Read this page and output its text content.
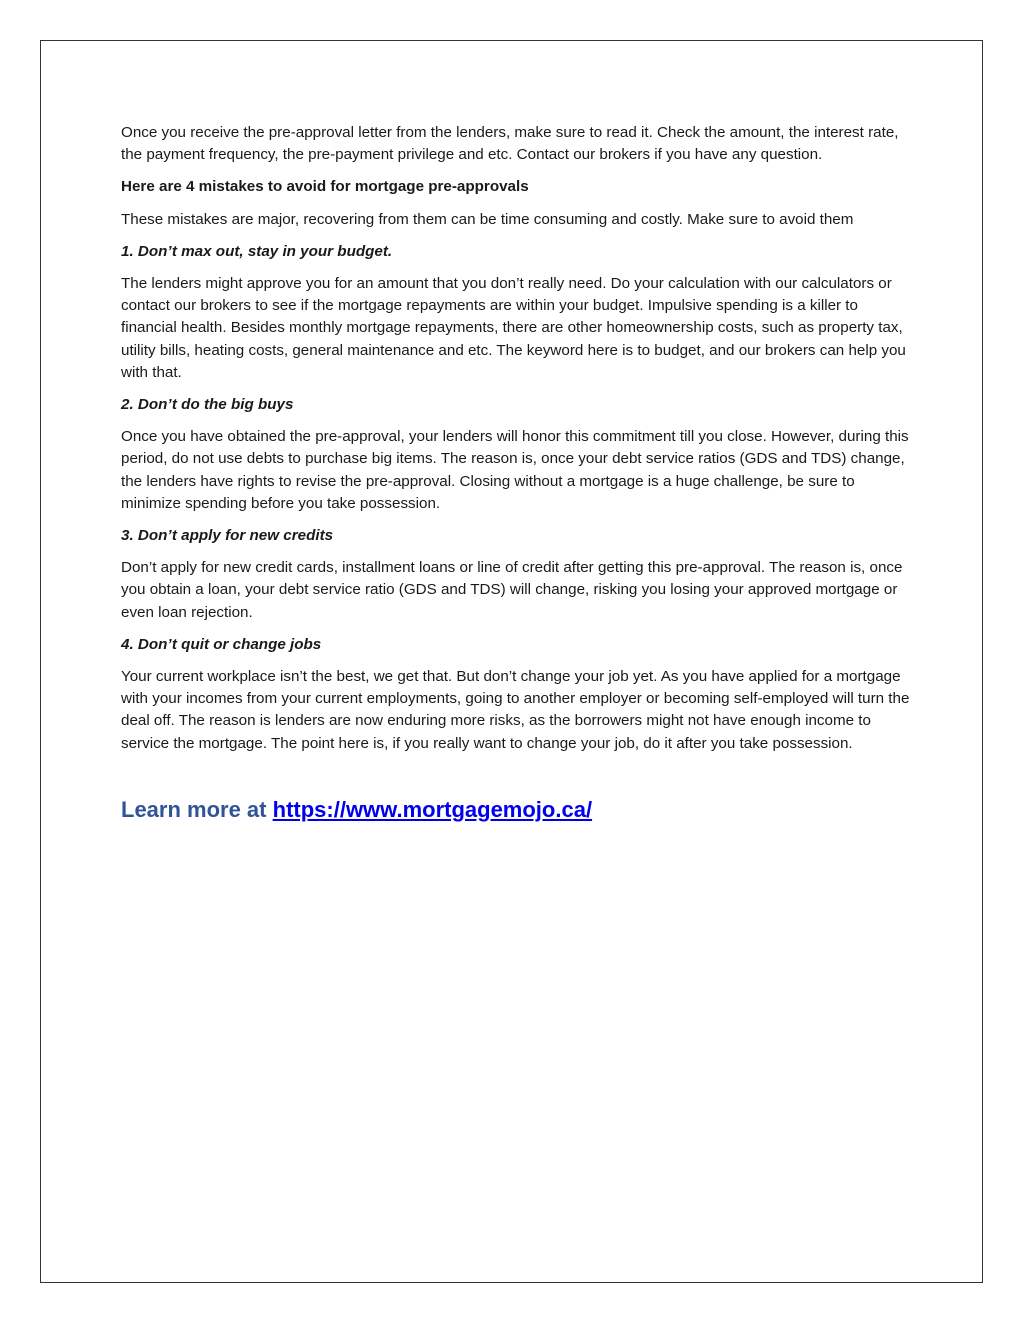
Once you receive the pre-approval letter from the lenders, make sure to read it. Check the amount, the interest rate, the payment frequency, the pre-payment privilege and etc. Contact our brokers if you have any question.

Here are 4 mistakes to avoid for mortgage pre-approvals

These mistakes are major, recovering from them can be time consuming and costly. Make sure to avoid them

1. Don’t max out, stay in your budget.

The lenders might approve you for an amount that you don’t really need. Do your calculation with our calculators or contact our brokers to see if the mortgage repayments are within your budget. Impulsive spending is a killer to financial health. Besides monthly mortgage repayments, there are other homeownership costs, such as property tax, utility bills, heating costs, general maintenance and etc. The keyword here is to budget, and our brokers can help you with that.

2. Don’t do the big buys

Once you have obtained the pre-approval, your lenders will honor this commitment till you close. However, during this period, do not use debts to purchase big items. The reason is, once your debt service ratios (GDS and TDS) change, the lenders have rights to revise the pre-approval. Closing without a mortgage is a huge challenge, be sure to minimize spending before you take possession.

3. Don’t apply for new credits

Don’t apply for new credit cards, installment loans or line of credit after getting this pre-approval. The reason is, once you obtain a loan, your debt service ratio (GDS and TDS) will change, risking you losing your approved mortgage or even loan rejection.

4. Don’t quit or change jobs

Your current workplace isn’t the best, we get that. But don’t change your job yet. As you have applied for a mortgage with your incomes from your current employments, going to another employer or becoming self-employed will turn the deal off. The reason is lenders are now enduring more risks, as the borrowers might not have enough income to service the mortgage. The point here is, if you really want to change your job, do it after you take possession.

Learn more at https://www.mortgagemojo.ca/
